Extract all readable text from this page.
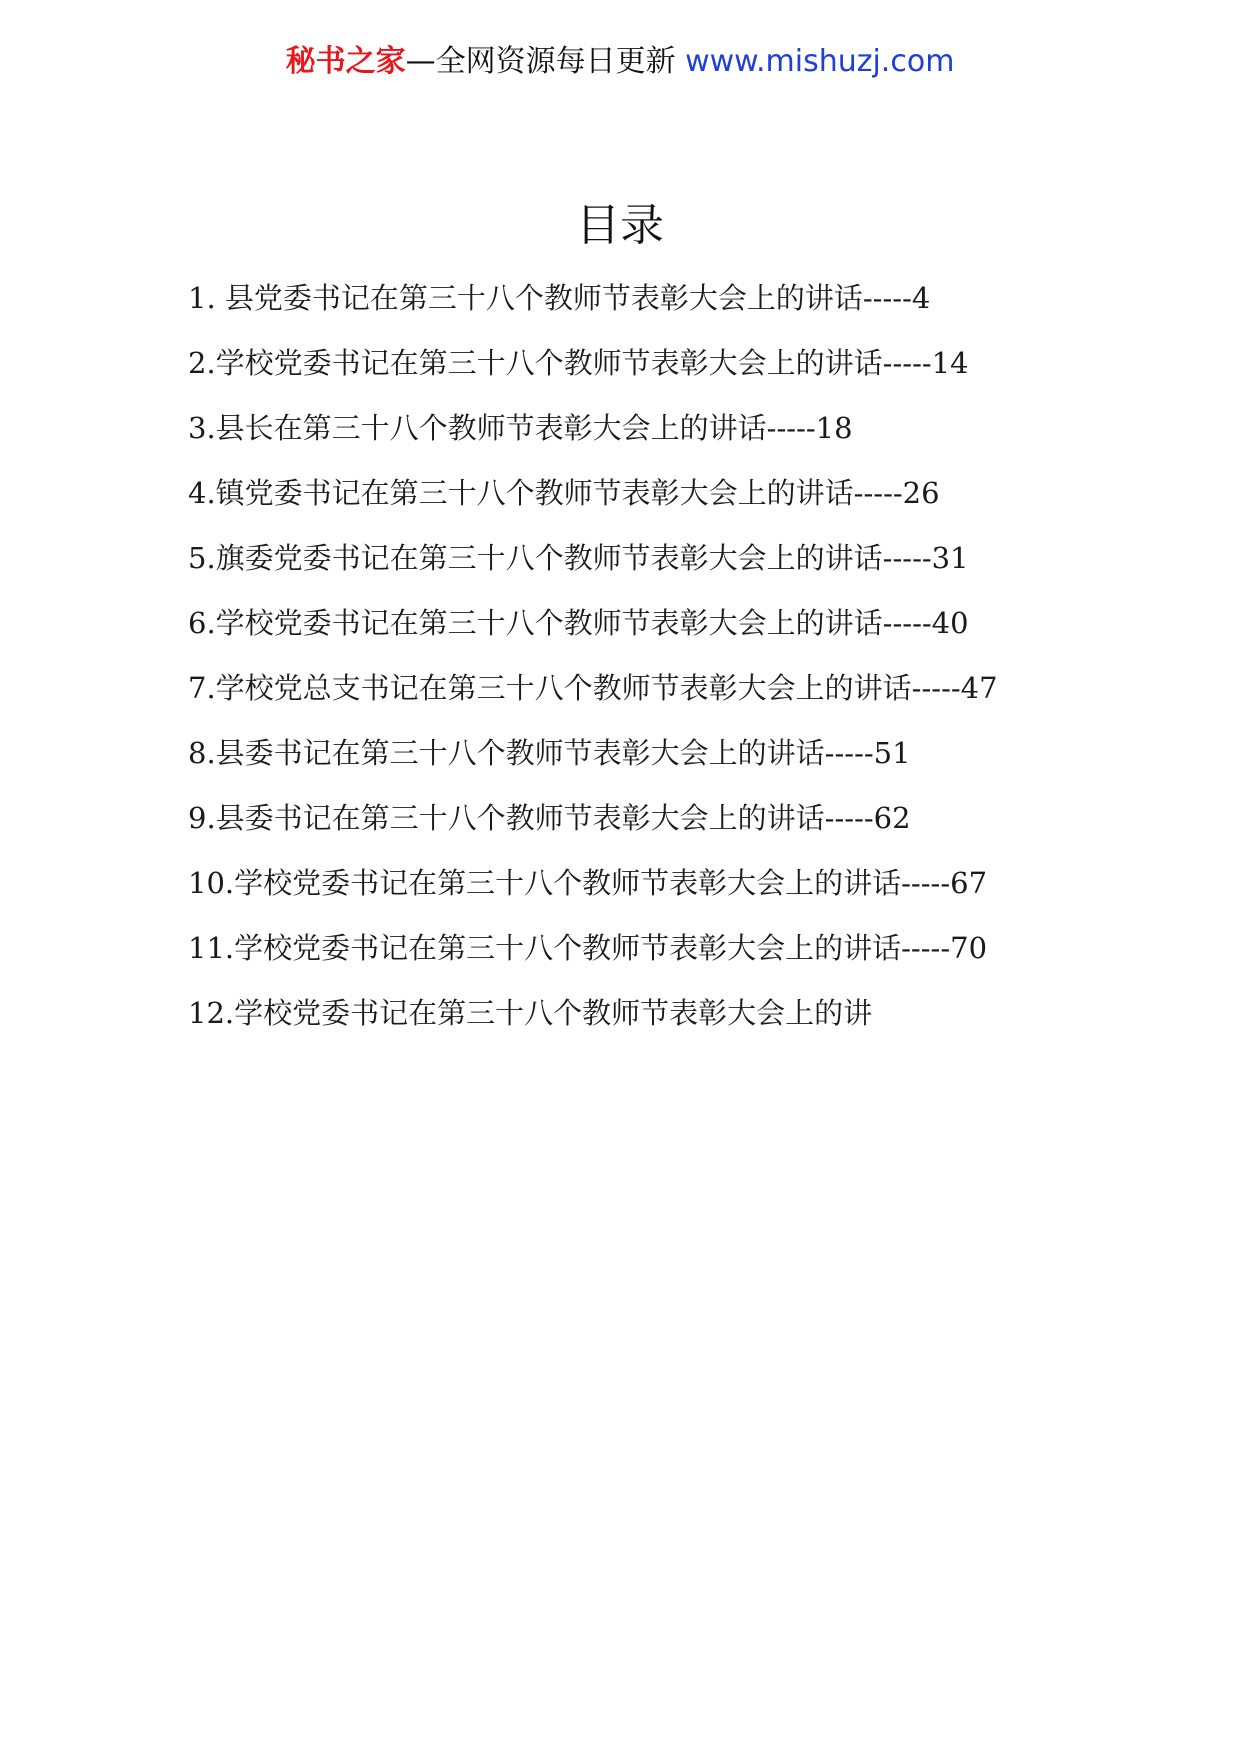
秘书之家—全网资源每日更新 www.mishuzj.com
目录
1. 县党委书记在第三十八个教师节表彰大会上的讲话-----4
2.学校党委书记在第三十八个教师节表彰大会上的讲话-----14
3.县长在第三十八个教师节表彰大会上的讲话-----18
4.镇党委书记在第三十八个教师节表彰大会上的讲话-----26
5.旗委党委书记在第三十八个教师节表彰大会上的讲话-----31
6.学校党委书记在第三十八个教师节表彰大会上的讲话-----40
7.学校党总支书记在第三十八个教师节表彰大会上的讲话-----47
8.县委书记在第三十八个教师节表彰大会上的讲话-----51
9.县委书记在第三十八个教师节表彰大会上的讲话-----62
10.学校党委书记在第三十八个教师节表彰大会上的讲话-----67
11.学校党委书记在第三十八个教师节表彰大会上的讲话-----70
12.学校党委书记在第三十八个教师节表彰大会上的讲
